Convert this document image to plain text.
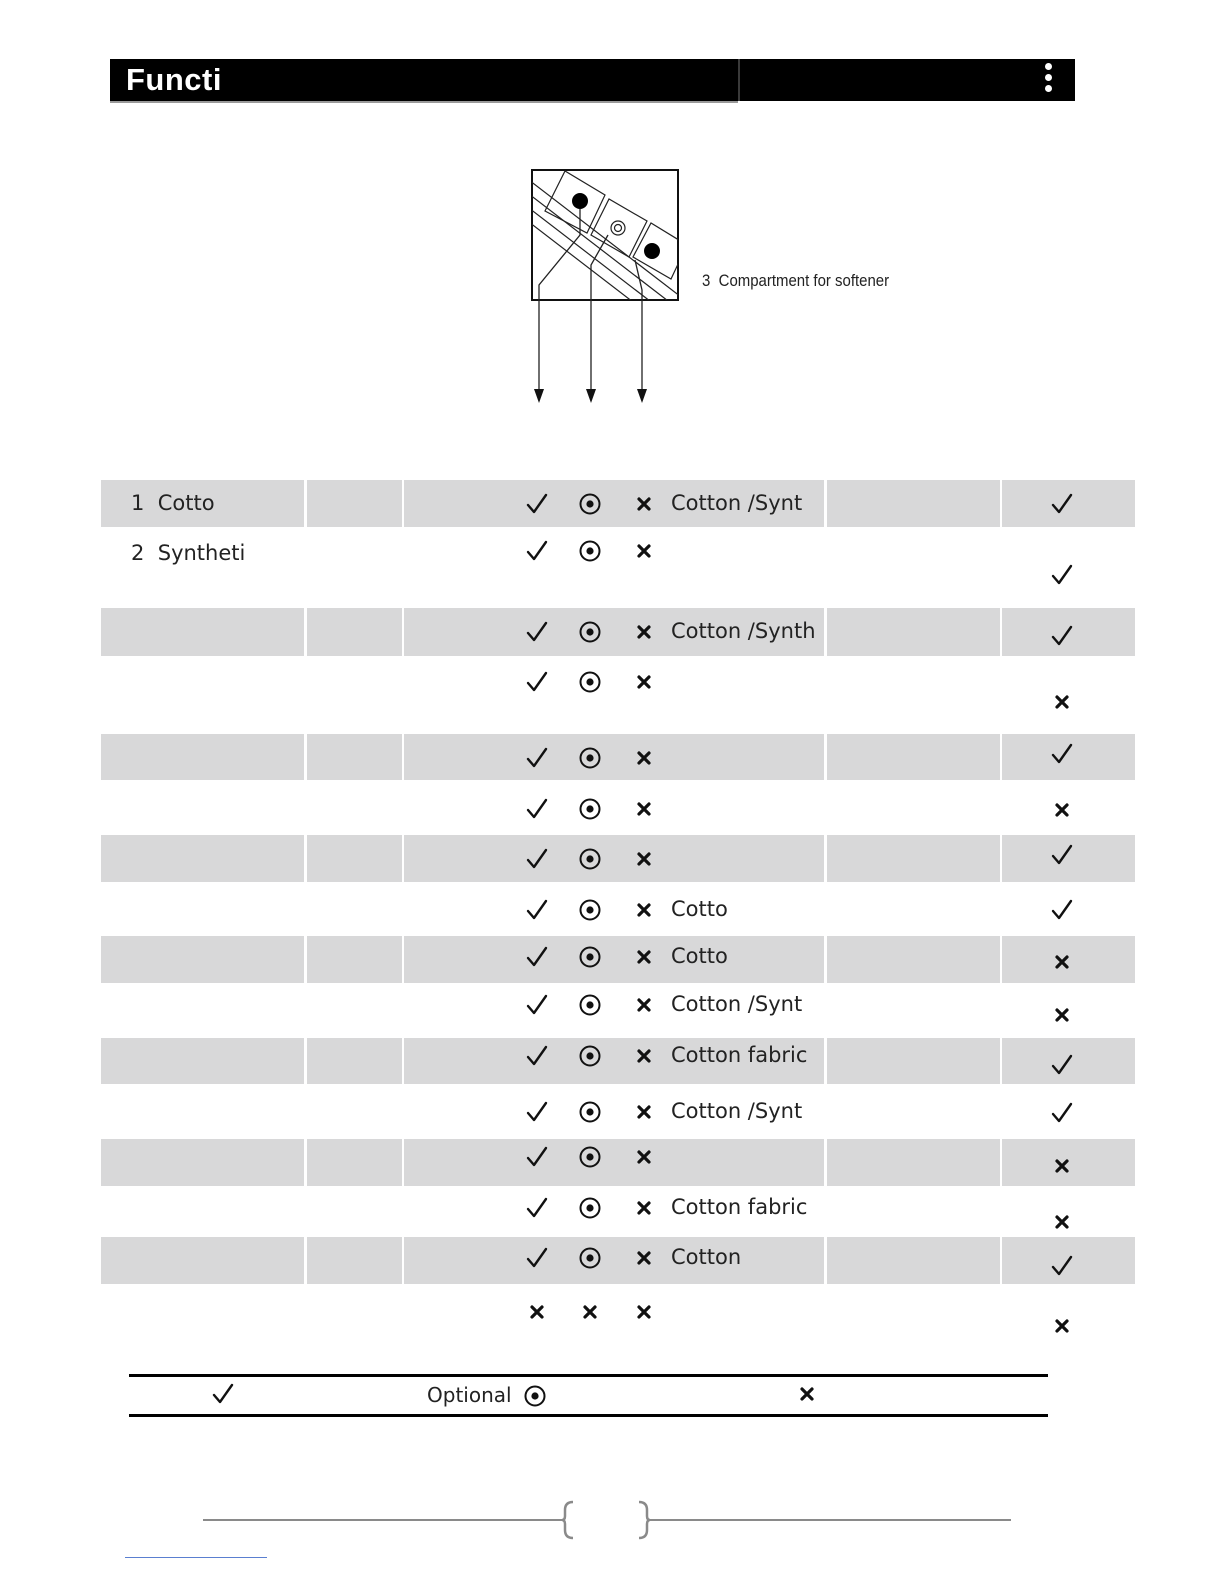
Functi
3 Compartment for softener
1 Cotto	Cotton /Synt
2 Syntheti
Cotton /Synth
Cotto
Cotto
Cotton /Synt
Cotton fabric
Cotton /Synt
Cotton fabric
Cotton
Optional
